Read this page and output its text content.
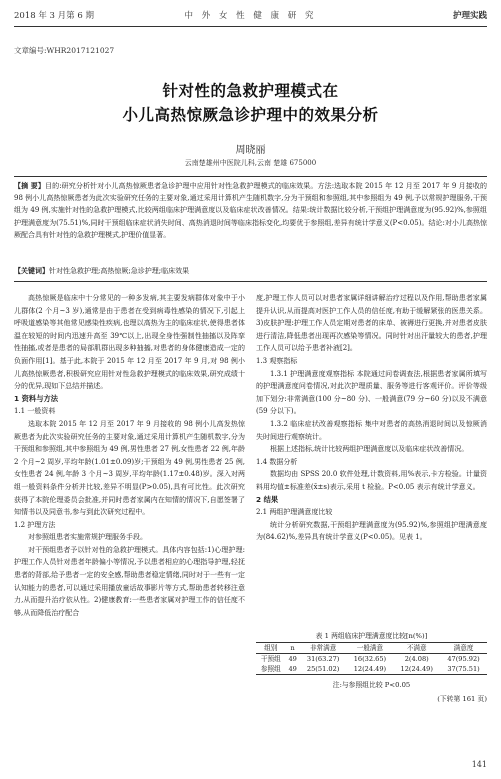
2018 年 3 月第 6 期	中 外 女 性 健 康 研 究	护理实践
文章编号:WHR2017121027
针对性的急救护理模式在
小儿高热惊厥急诊护理中的效果分析
周晓丽
云南楚雄州中医院儿科,云南 楚雄 675000
【摘 要】目的:研究分析针对小儿高热惊厥患者急诊护理中应用针对性急救护理模式的临床效果。方法:选取本院 2015 年 12 月至 2017 年 9 月接收的 98 例小儿高热惊厥患者为此次实验研究任务的主要对象,通过采用计算机产生随机数字,分为干预组和参照组,其中参照组为 49 例,予以常规护理服务,干预组为 49 例,实施针对性的急救护理模式,比较两组临床护理满意度以及临床症状改善情况。结果:统计数据比较分析,干预组护理满意度为(95.92)%,参照组护理满意度为(75.51)%,同时干预组临床症状消失时间、高热消退时间等临床指标变化,均要优于参照组,差异有统计学意义(P<0.05)。结论:对小儿高热惊厥配合具有针对性的急救护理模式,护理价值显著。
【关键词】针对性急救护理;高热惊厥;急诊护理;临床效果

高热惊厥是临床中十分常见的一种多发病,其主要发病群体对象中于小儿群体(2 个月~3 岁),通常是由于患者在受到病毒性感染的情况下,引起上呼吸道感染等其他常见感染性疾病,也理以高热为主的临床症状,使得患者体温在较短的时间内迅速升高至 39℃以上,出现全身性强制性抽搐以及阵挛性抽搐,或者是患者的局部肌群出现多种抽搐,对患者的身体健康造成一定的负面作用[1]。基于此,本院于 2015 年 12 月至 2017 年 9 月,对 98 例小儿高热惊厥患者,积极研究应用针对性急救护理模式的临床效果,研究成绩十分的优异,现如下总结并描述。

1 资料与方法
1.1 一般资料

选取本院 2015 年 12 月至 2017 年 9 月接收的 98 例小儿高发热惊厥患者为此次实验研究任务的主要对象,通过采用计算机产生随机数字,分为干预组和参照组,其中参照组为 49 例,男性患者 27 例,女性患者 22 例,年龄 2 个月~2 周岁,平均年龄(1.01±0.09)岁;干预组为 49 例,男性患者 25 例,女性患者 24 例,年龄 3 个月~3 周岁,平均年龄(1.17±0.48)岁。深入对两组一般资料条件分析并比较,差异不明显(P>0.05),具有可比性。此次研究获得了本院伦理委员会批准,并同时患者家属内在知情的情况下,自愿签署了知情书以及同意书,参与到此次研究过程中。

1.2 护理方法

对参照组患者实施常规护理服务手段。

对干预组患者予以针对性的急救护理模式。具体内容包括:1)心理护理:护理工作人员针对患者年龄偏小等情况,予以患者相应的心理指导护理,轻抚患者的背部,给予患者一定的安全感,帮助患者稳定情绪,同时对于一些有一定认知能力的患者,可以通过采用播放童话故事影片等方式,帮助患者转移注意力,从而提升治疗依从性。2)健康教育:一些患者家属对护理工作的信任度不够,从而降低治疗配合

度,护理工作人员可以对患者家属详细讲解治疗过程以及作用,帮助患者家属提升认识,从而提高对医护工作人员的信任度,有助于缓解紧张的医患关系。3)皮肤护理:护理工作人员定期对患者的床单、被褥进行更换,并对患者皮肤进行清洁,降低患者出现再次感染等情况。同时针对出汗量较大的患者,护理工作人员可以给予患者补液[2]。
1.3 观察指标

1.3.1 护理满意度观察指标 本院通过问卷调查法,根据患者家属所填写的护理满意度问卷情况,对此次护理质量、服务等进行客观评价。评价等级加下划分:非常满意(100 分~80 分)、一般满意(79 分~60 分)以及不满意(59 分以下)。

1.3.2 临床症状改善观察指标 集中对患者的高热消退时间以及惊厥消失时间进行观察统计。

根据上述指标,统计比较两组护理满意度以及临床症状改善情况。

1.4 数据分析

数据均由 SPSS 20.0 软件处理,计数资料,用%表示,卡方检验。计量资料用均值±标准差(x̄±s)表示,采用 t 检验。P<0.05 表示有统计学意义。

2 结果
2.1 两组护理满意度比较

统计分析研究数据,干预组护理满意度为(95.92)%,参照组护理满意度为(84.62)%,差异具有统计学意义(P<0.05)。见表 1。

表 1 两组临床护理满意度比较[n(%)]
组别	n	非常满意	一般满意	不满意	满意度
干预组	49	31(63.27)	16(32.65)	2(4.08)	47(95.92)
参照组	49	25(51.02)	12(24.49)	12(24.49)	37(75.51)
注:与参照组比较 P<0.05
(下转第 161 页)
141
